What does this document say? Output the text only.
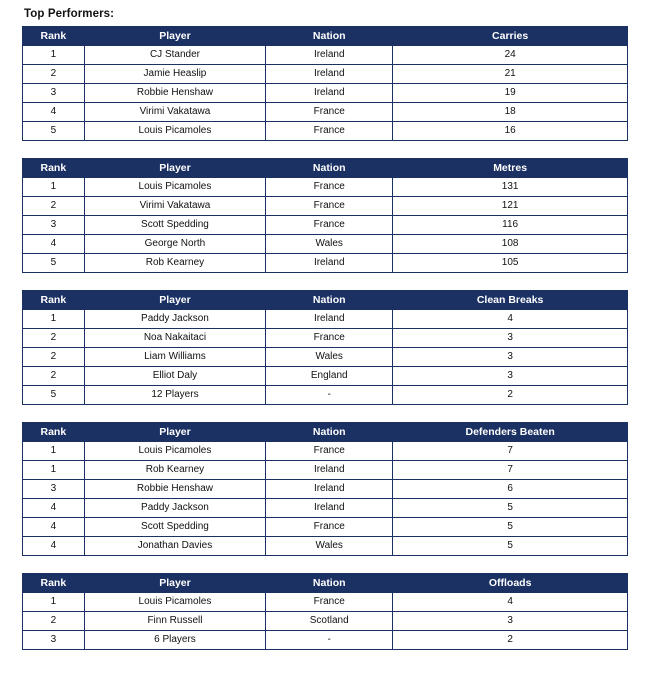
Top Performers:
Rank	Player	Nation	Carries
1	CJ Stander	Ireland	24
2	Jamie Heaslip	Ireland	21
3	Robbie Henshaw	Ireland	19
4	Virimi Vakatawa	France	18
5	Louis Picamoles	France	16
Rank	Player	Nation	Metres
1	Louis Picamoles	France	131
2	Virimi Vakatawa	France	121
3	Scott Spedding	France	116
4	George North	Wales	108
5	Rob Kearney	Ireland	105
Rank	Player	Nation	Clean Breaks
1	Paddy Jackson	Ireland	4
2	Noa Nakaitaci	France	3
2	Liam Williams	Wales	3
2	Elliot Daly	England	3
5	12 Players	-	2
Rank	Player	Nation	Defenders Beaten
1	Louis Picamoles	France	7
1	Rob Kearney	Ireland	7
3	Robbie Henshaw	Ireland	6
4	Paddy Jackson	Ireland	5
4	Scott Spedding	France	5
4	Jonathan Davies	Wales	5
Rank	Player	Nation	Offloads
1	Louis Picamoles	France	4
2	Finn Russell	Scotland	3
3	6 Players	-	2
